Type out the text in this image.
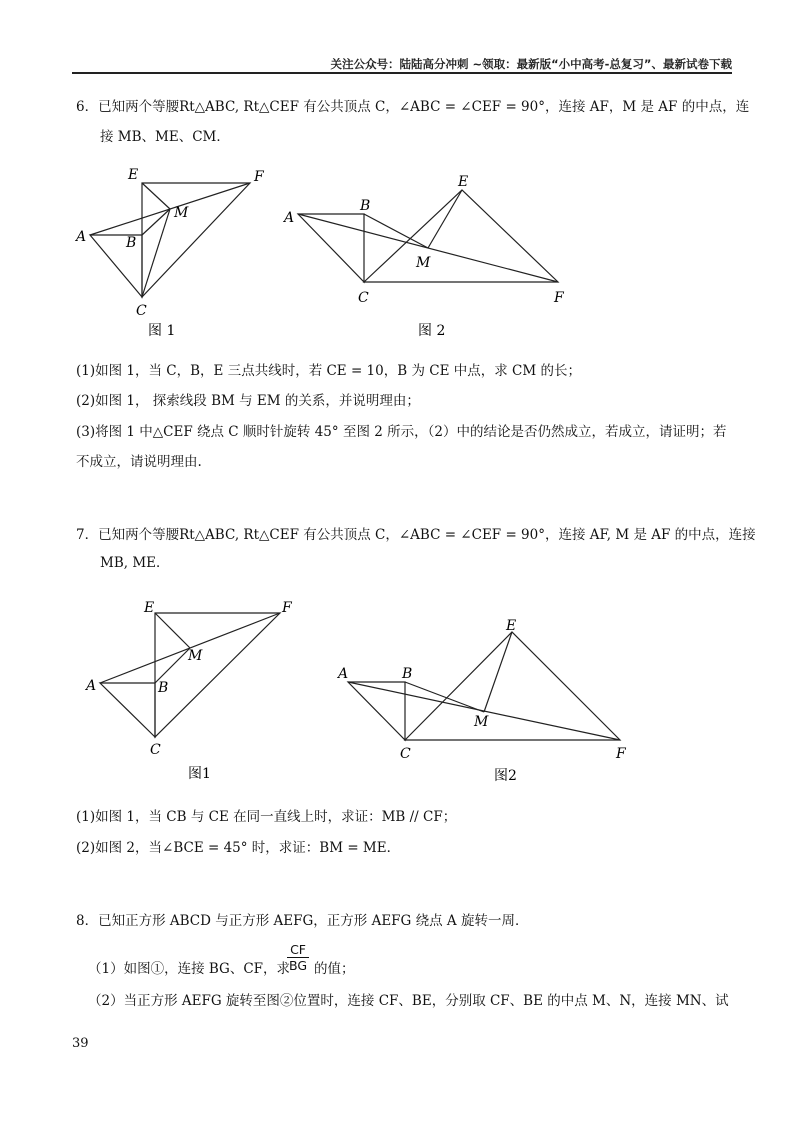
关注公众号：陆陆高分冲刺 ~领取：最新版“小中高考-总复习”、最新试卷下载
6．已知两个等腰Rt△ABC, Rt△CEF 有公共顶点 C，∠ABC = ∠CEF = 90°，连接 AF，M 是 AF 的中点，连
接 MB、ME、CM．
E	F
M
A	B
C
图 1
E
A
B
M
C	F
图 2
(1)如图 1，当 C，B，E 三点共线时，若 CE = 10，B 为 CE 中点，求 CM 的长；
(2)如图 1， 探索线段 BM 与 EM 的关系，并说明理由；
(3)将图 1 中△CEF 绕点 C 顺时针旋转 45° 至图 2 所示，（2）中的结论是否仍然成立，若成立，请证明；若
不成立，请说明理由.
7．已知两个等腰Rt△ABC, Rt△CEF 有公共顶点 C，∠ABC = ∠CEF = 90°，连接 AF, M 是 AF 的中点，连接
MB, ME．
E	F
M
A	B
C
图1
E
A	B
M
C	F
图2
(1)如图 1，当 CB 与 CE 在同一直线上时，求证：MB // CF；
(2)如图 2，当∠BCE = 45° 时，求证：BM = ME．
8．已知正方形 ABCD 与正方形 AEFG，正方形 AEFG 绕点 A 旋转一周．
（1）如图①，连接 BG、CF，求
$\frac{CF}{BG}$ 的值；
（2）当正方形 AEFG 旋转至图②位置时，连接 CF、BE，分别取 CF、BE 的中点 M、N，连接 MN、试
39
